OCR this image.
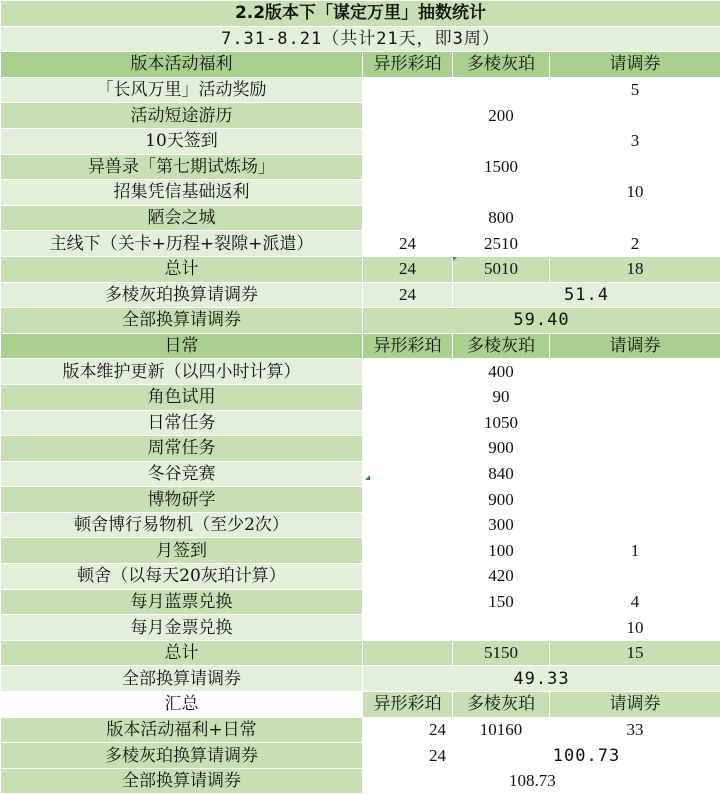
2.2版本下「谋定万里」抽数统计			
7.31-8.21（共计21天，即3周）			
版本活动福利	异形彩珀	多棱灰珀	请调券
「长风万里」活动奖励			5
活动短途游历		200	
10天签到			3
异兽录「第七期试炼场」		1500	
招集凭信基础返利			10
陋会之城		800	
主线下（关卡+历程+裂隙+派遣）	24	2510	2
总计	24	5010	18
多棱灰珀换算请调券	24	51.4	
全部换算请调券	59.40		
日常	异形彩珀	多棱灰珀	请调券
版本维护更新（以四小时计算）		400	
角色试用		90	
日常任务		1050	
周常任务		900	
冬谷竞赛		840	
博物研学		900	
顿舍博行易物机（至少2次）		300	
月签到		100	1
顿舍（以每天20灰珀计算）		420	
每月蓝票兑换		150	4
每月金票兑换			10
总计		5150	15
全部换算请调券	49.33		
汇总	异形彩珀	多棱灰珀	请调券
版本活动福利+日常	24	10160	33
多棱灰珀换算请调券	24	100.73	
全部换算请调券	108.73		
